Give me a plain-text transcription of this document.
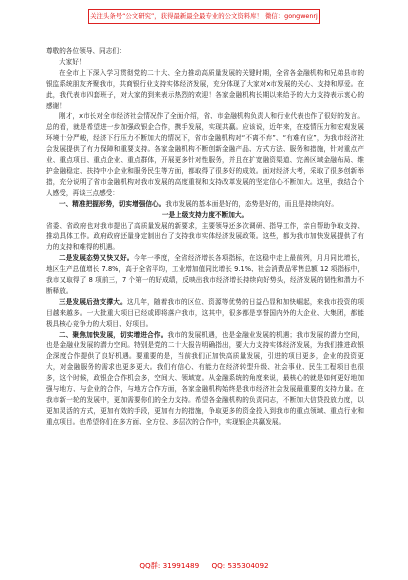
关注头条号“公文研究”，获得最新最全最专业的公文资料库！ 微信：gongwenrj

尊敬的各位领导、同志们：

大家好！

在全市上下深入学习贯彻党的二十大、全力推动高质量发展的关键时期，全省各金融机构和兄弟县市的银监系统朋友齐聚我市，共商银行业支持实体经济发展，充分体现了大家对ⅹ市发展的关心、支持和厚爱。在此，我代表市四套班子，对大家的到来表示热烈的欢迎！各家金融机构长期以来给予的大力支持表示衷心的感谢！

刚才，ⅹ市长对全市经济社会情况作了全面介绍，省、市金融机构负责人和行业代表也作了很好的发言。总的看，就是希望进一步加强政银企合作，携手发展，实现共赢。应该说，近年来，在疫情压力和宏观发展环境十分严峻，经济下行压力不断加大的情况下，省市金融机构对“不离不弃”、“有难有应”，为我市经济社会发展提供了有力保障和重要支持。各家金融机构不断创新金融产品、方式方法、服务和措施，针对重点产业、重点项目、重点企业、重点群体，开展更多针对性服务，并且在扩宽融资渠道、完善区域金融布局、维护金融稳定、扶持中小企业和服务民生等方面，都取得了很多好的成效。面对经济大考，采取了很多创新举措，充分说明了省市金融机构对我市发展的高度重视和支持改革发展的坚定信心不断加大。这里，我结合个人感受，再谈三点感受：

一、精准把握形势，切实增强信心。我市发展的基本面是好的，态势是好的，而且是持续向好。

一是上级支持力度不断加大。

省委、省政府也对我市提出了高质量发展的新要求，主要领导还多次调研、指导工作，亲自帮助争取支持、推动具体工作。政府政府还量身定制出台了支持我市实体经济发展政策。这些，都为我市加快发展提供了有力的支持和难得的机遇。

二是发展态势又快又好。今年一季度，全省经济增长各项指标，在这稳中走上最前列，月月同比增长，地区生产总值增长 7.8%，高于全省平均，工业增加值同比增长 9.1%、社会消费品零售总额 12 项指标中，我市又取得了 8 项前三，7 个第一的好成绩，反映出我市经济增长持续向好势头，经济发展的韧性和潜力不断释放。

三是发展后劲支撑大。这几年，随着我市的区位、资源等优势的日益凸显和加快崛起，来我市投资的项目越来越多。一大批重大项目已经或即将落户我市，这其中，很多都是享誉国内外的大企业、大集团，都能极具核心竞争力的大项目、好项目。

二、聚焦加快发展，切实增进合作。我市的发展机遇，也是金融业发展的机遇；我市发展的潜力空间，也是金融业发展的潜力空间。特别是党的二十大报告明确指出，要大力支持实体经济发展，为我们推进政银企深度合作提供了良好机遇。要重要的是，当前我们正加快高质量发展，引进的项目更多，企业的投资更大，对金融服务的需求也更多更大。我们有信心、有能力在经济转型升级、社会事业、民生工程项目也很多，这个时候，政银企合作机会多，空间大、领域宽。从金融系统的角度来说，最核心的就是如何更好地加强与地方、与企业的合作，与地方合作方面，各家金融机构始终是我市经济社会发展最重要的支持力量。在我市新一轮的发展中，更加需要你们的全力支持。希望各金融机构的负责同志，不断加大信贷投放力度，以更加灵活的方式，更加有效的手段，更加有力的措施，争取更多的资金投入到我市的重点领域、重点行业和重点项目。也希望你们在多方面、全方位、多层次的合作中，实现银企共赢发展。

QQ群: 31991489 QQ: 535304092
